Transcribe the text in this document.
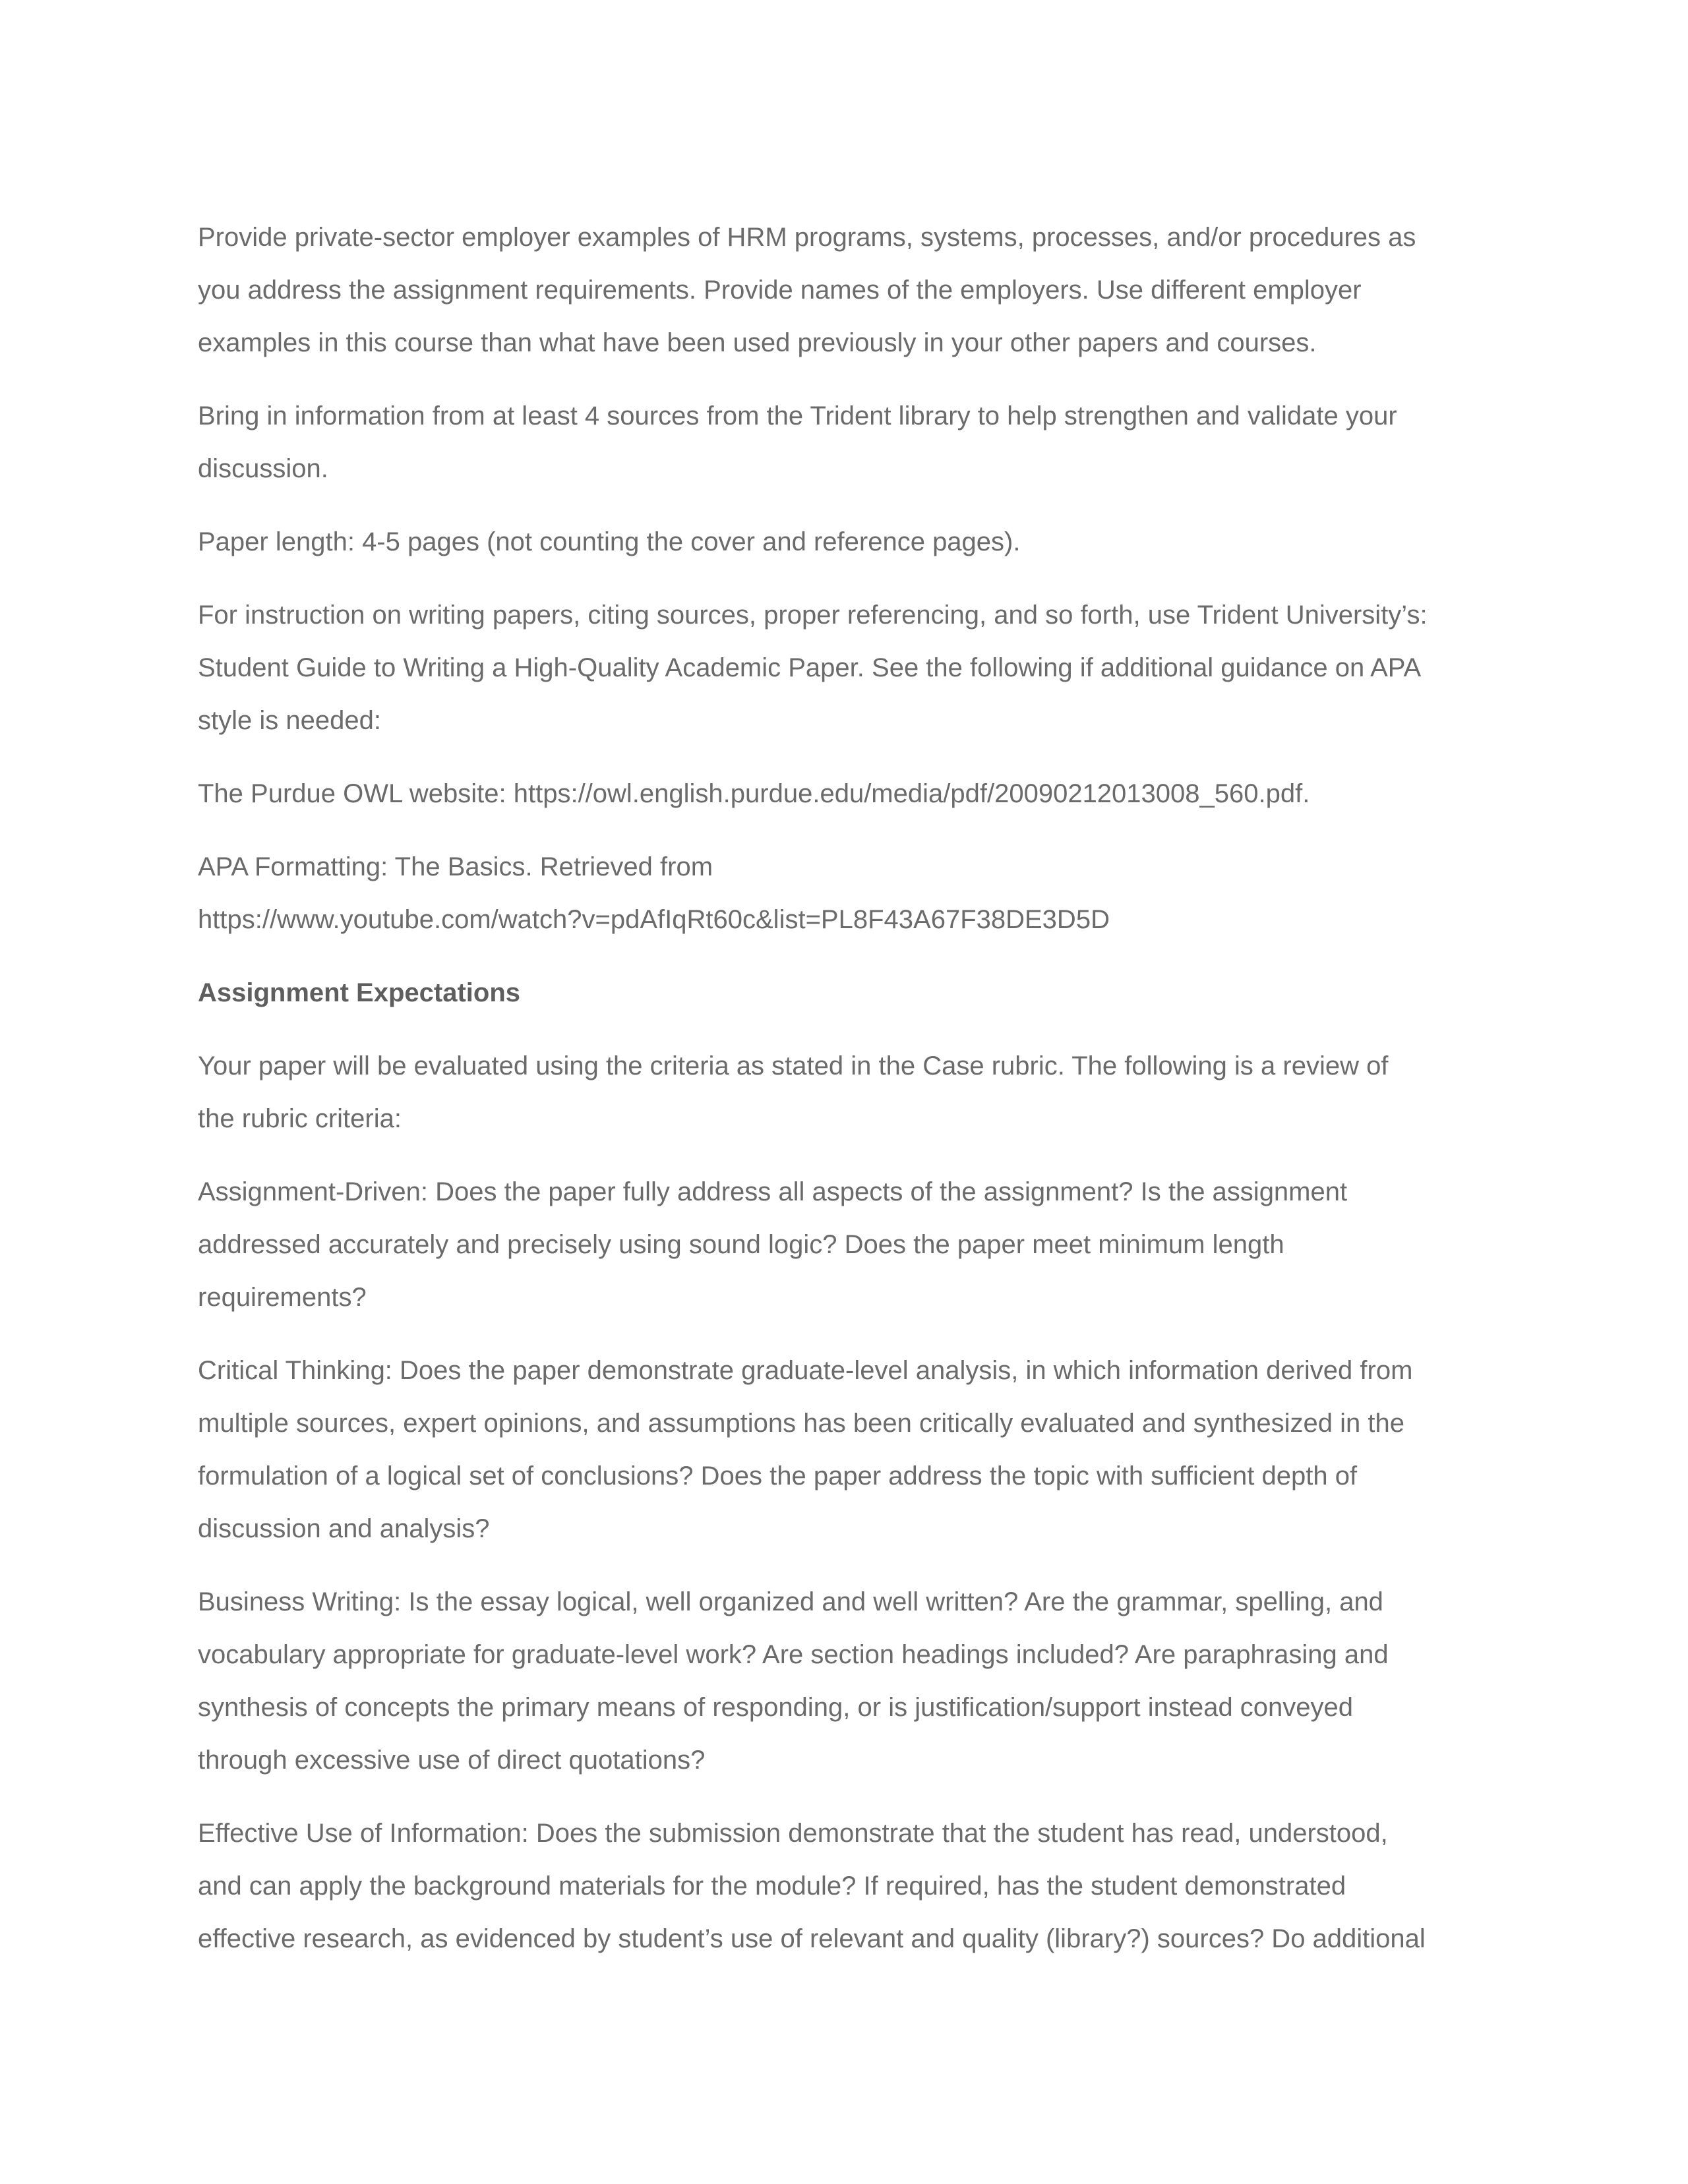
Provide private-sector employer examples of HRM programs, systems, processes, and/or procedures as
you address the assignment requirements. Provide names of the employers. Use different employer
examples in this course than what have been used previously in your other papers and courses.

Bring in information from at least 4 sources from the Trident library to help strengthen and validate your
discussion.

Paper length: 4-5 pages (not counting the cover and reference pages).

For instruction on writing papers, citing sources, proper referencing, and so forth, use Trident University’s:
Student Guide to Writing a High-Quality Academic Paper. See the following if additional guidance on APA
style is needed:

The Purdue OWL website: https://owl.english.purdue.edu/media/pdf/20090212013008_560.pdf.

APA Formatting: The Basics. Retrieved from
https://www.youtube.com/watch?v=pdAfIqRt60c&list=PL8F43A67F38DE3D5D

Assignment Expectations

Your paper will be evaluated using the criteria as stated in the Case rubric. The following is a review of
the rubric criteria:

Assignment-Driven: Does the paper fully address all aspects of the assignment? Is the assignment
addressed accurately and precisely using sound logic? Does the paper meet minimum length
requirements?

Critical Thinking: Does the paper demonstrate graduate-level analysis, in which information derived from
multiple sources, expert opinions, and assumptions has been critically evaluated and synthesized in the
formulation of a logical set of conclusions? Does the paper address the topic with sufficient depth of
discussion and analysis?

Business Writing: Is the essay logical, well organized and well written? Are the grammar, spelling, and
vocabulary appropriate for graduate-level work? Are section headings included? Are paraphrasing and
synthesis of concepts the primary means of responding, or is justification/support instead conveyed
through excessive use of direct quotations?

Effective Use of Information: Does the submission demonstrate that the student has read, understood,
and can apply the background materials for the module? If required, has the student demonstrated
effective research, as evidenced by student’s use of relevant and quality (library?) sources? Do additional
